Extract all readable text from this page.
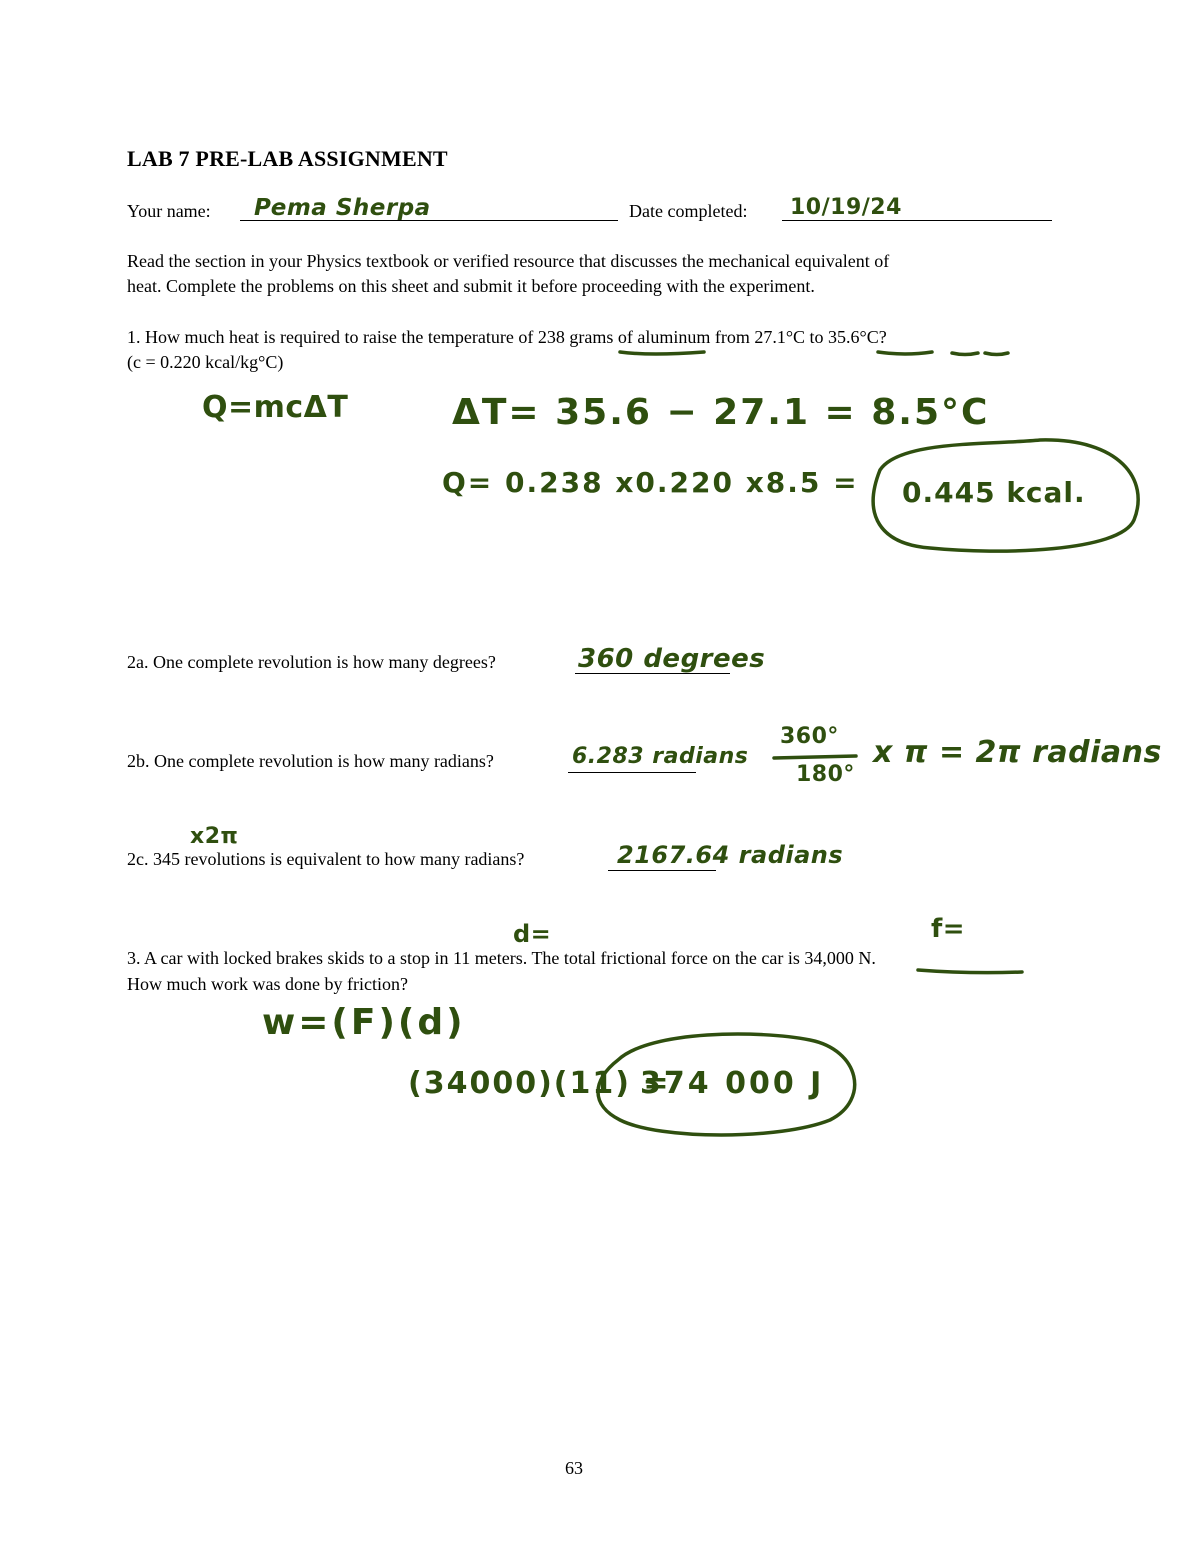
LAB 7 PRE-LAB ASSIGNMENT
Your name: Pema Sherpa	Date completed: 10/19/24
Read the section in your Physics textbook or verified resource that discusses the mechanical equivalent of
heat. Complete the problems on this sheet and submit it before proceeding with the experiment.
1. How much heat is required to raise the temperature of 238 grams of aluminum from 27.1°C to 35.6°C?
(c = 0.220 kcal/kg°C)
Q=mcΔT	ΔT= 35.6 − 27.1 = 8.5°C
Q= 0.238 x0.220 x8.5 = 0.445 kcal.
2a. One complete revolution is how many degrees?	360 degrees
2b. One complete revolution is how many radians?	6.283 radians
360°
180°
x π = 2π radians
x2π
2c. 345 revolutions is equivalent to how many radians?	2167.64 radians
d=	f=
3. A car with locked brakes skids to a stop in 11 meters. The total frictional force on the car is 34,000 N.
How much work was done by friction?
w=(F)(d)
(34000)(11) =
374 000 J
63
